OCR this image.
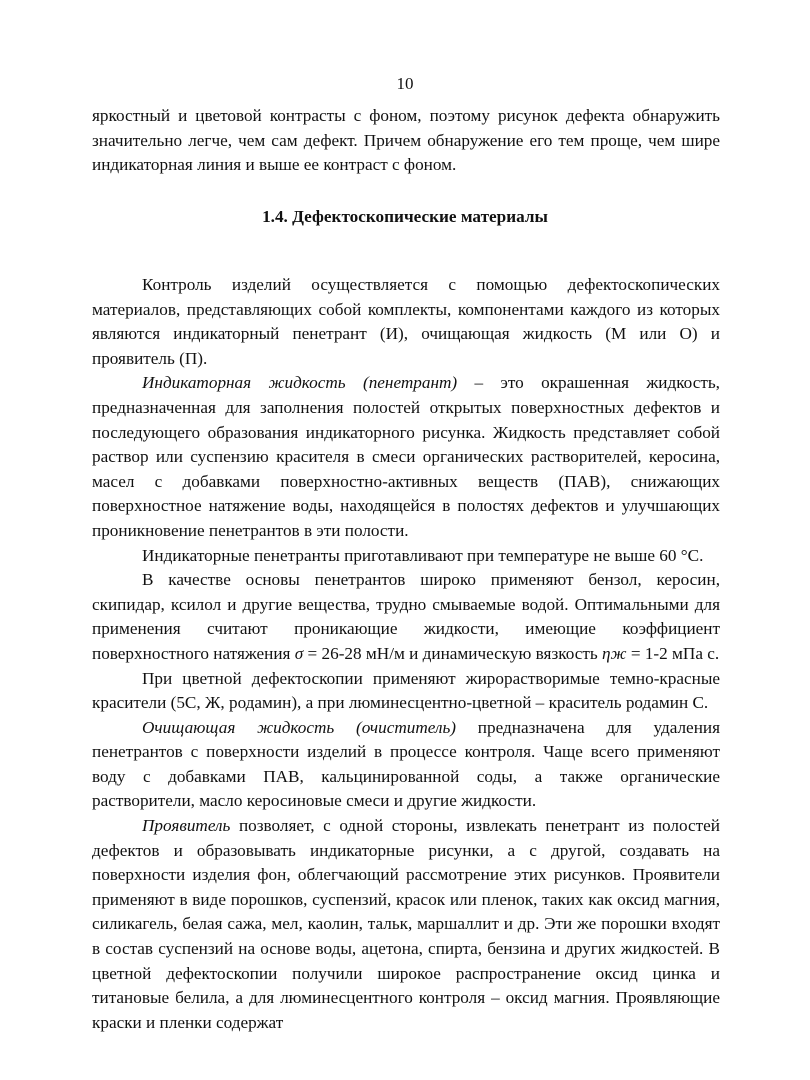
10

яркостный и цветовой контрасты с фоном, поэтому рисунок дефекта обнаружить значительно легче, чем сам дефект. Причем обнаружение его тем проще, чем шире индикаторная линия и выше ее контраст с фоном.

1.4. Дефектоскопические материалы

Контроль изделий осуществляется с помощью дефектоскопических материалов, представляющих собой комплекты, компонентами каждого из которых являются индикаторный пенетрант (И), очищающая жидкость (М или О) и проявитель (П).

Индикаторная жидкость (пенетрант) – это окрашенная жидкость, предназначенная для заполнения полостей открытых поверхностных дефектов и последующего образования индикаторного рисунка. Жидкость представляет собой раствор или суспензию красителя в смеси органических растворителей, керосина, масел с добавками поверхностно-активных веществ (ПАВ), снижающих поверхностное натяжение воды, находящейся в полостях дефектов и улучшающих проникновение пенетрантов в эти полости.

Индикаторные пенетранты приготавливают при температуре не выше 60 °C.

В качестве основы пенетрантов широко применяют бензол, керосин, скипидар, ксилол и другие вещества, трудно смываемые водой. Оптимальными для применения считают проникающие жидкости, имеющие коэффициент поверхностного натяжения σ = 26-28 мН/м и динамическую вязкость ηж = 1-2 мПа с.

При цветной дефектоскопии применяют жирорастворимые темно-красные красители (5С, Ж, родамин), а при люминесцентно-цветной – краситель родамин С.

Очищающая жидкость (очиститель) предназначена для удаления пенетрантов с поверхности изделий в процессе контроля. Чаще всего применяют воду с добавками ПАВ, кальцинированной соды, а также органические растворители, масло керосиновые смеси и другие жидкости.

Проявитель позволяет, с одной стороны, извлекать пенетрант из полостей дефектов и образовывать индикаторные рисунки, а с другой, создавать на поверхности изделия фон, облегчающий рассмотрение этих рисунков. Проявители применяют в виде порошков, суспензий, красок или пленок, таких как оксид магния, силикагель, белая сажа, мел, каолин, тальк, маршаллит и др. Эти же порошки входят в состав суспензий на основе воды, ацетона, спирта, бензина и других жидкостей. В цветной дефектоскопии получили широкое распространение оксид цинка и титановые белила, а для люминесцентного контроля – оксид магния. Проявляющие краски и пленки содержат
